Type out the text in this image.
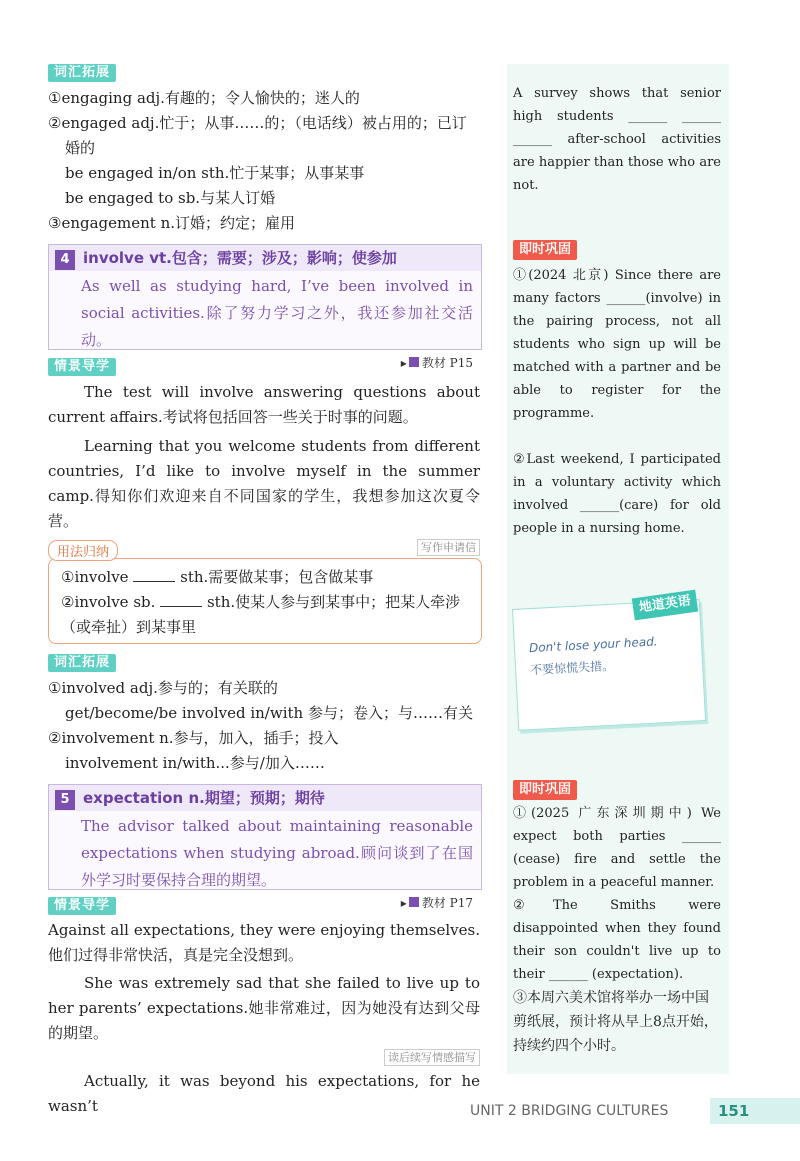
词汇拓展
①engaging adj.有趣的；令人愉快的；迷人的
②engaged adj.忙于；从事……的；（电话线）被占用的；已订
婚的
be engaged in/on sth.忙于某事；从事某事
be engaged to sb.与某人订婚
③engagement n.订婚；约定；雇用
4 involve vt.包含；需要；涉及；影响；使参加
As well as studying hard, I’ve been involved in social activities.除了努力学习之外，我还参加社交活动。
▸ 教材 P15
情景导学
The test will involve answering questions about current affairs.考试将包括回答一些关于时事的问题。
Learning that you welcome students from different countries, I’d like to involve myself in the summer camp.得知你们欢迎来自不同国家的学生，我想参加这次夏令营。
写作申请信
①involve	sth.需要做某事；包含做某事
②involve sb.	sth.使某人参与到某事中；把某人牵涉
（或牵扯）到某事里
用法归纳
词汇拓展
①involved adj.参与的；有关联的
get/become/be involved in/with 参与；卷入；与……有关
②involvement n.参与，加入，插手；投入
involvement in/with...参与/加入……
5 expectation n.期望；预期；期待
The advisor talked about maintaining reasonable expectations when studying abroad.顾问谈到了在国外学习时要保持合理的期望。
▸ 教材 P17
情景导学
Against all expectations, they were enjoying themselves.他们过得非常快活，真是完全没想到。
She was extremely sad that she failed to live up to her parents’ expectations.她非常难过，因为她没有达到父母的期望。
读后续写情感描写
Actually, it was beyond his expectations, for he wasn’t
A survey shows that senior high students ______ ______ ______ after-school activities are happier than those who are not.
即时巩固
①(2024 北京) Since there are many factors ______(involve) in the pairing process, not all students who sign up will be matched with a partner and be able to register for the programme.
②Last weekend, I participated in a voluntary activity which involved ______(care) for old people in a nursing home.
Don't lose your head.
不要惊慌失措。
地道英语
即时巩固
①(2025 广东深圳期中) We expect both parties ______ (cease) fire and settle the problem in a peaceful manner.
②The Smiths were disappointed when they found their son couldn't live up to their ______ (expectation).
③本周六美术馆将举办一场中国剪纸展，预计将从早上8点开始，持续约四个小时。
UNIT 2 BRIDGING CULTURES	151
